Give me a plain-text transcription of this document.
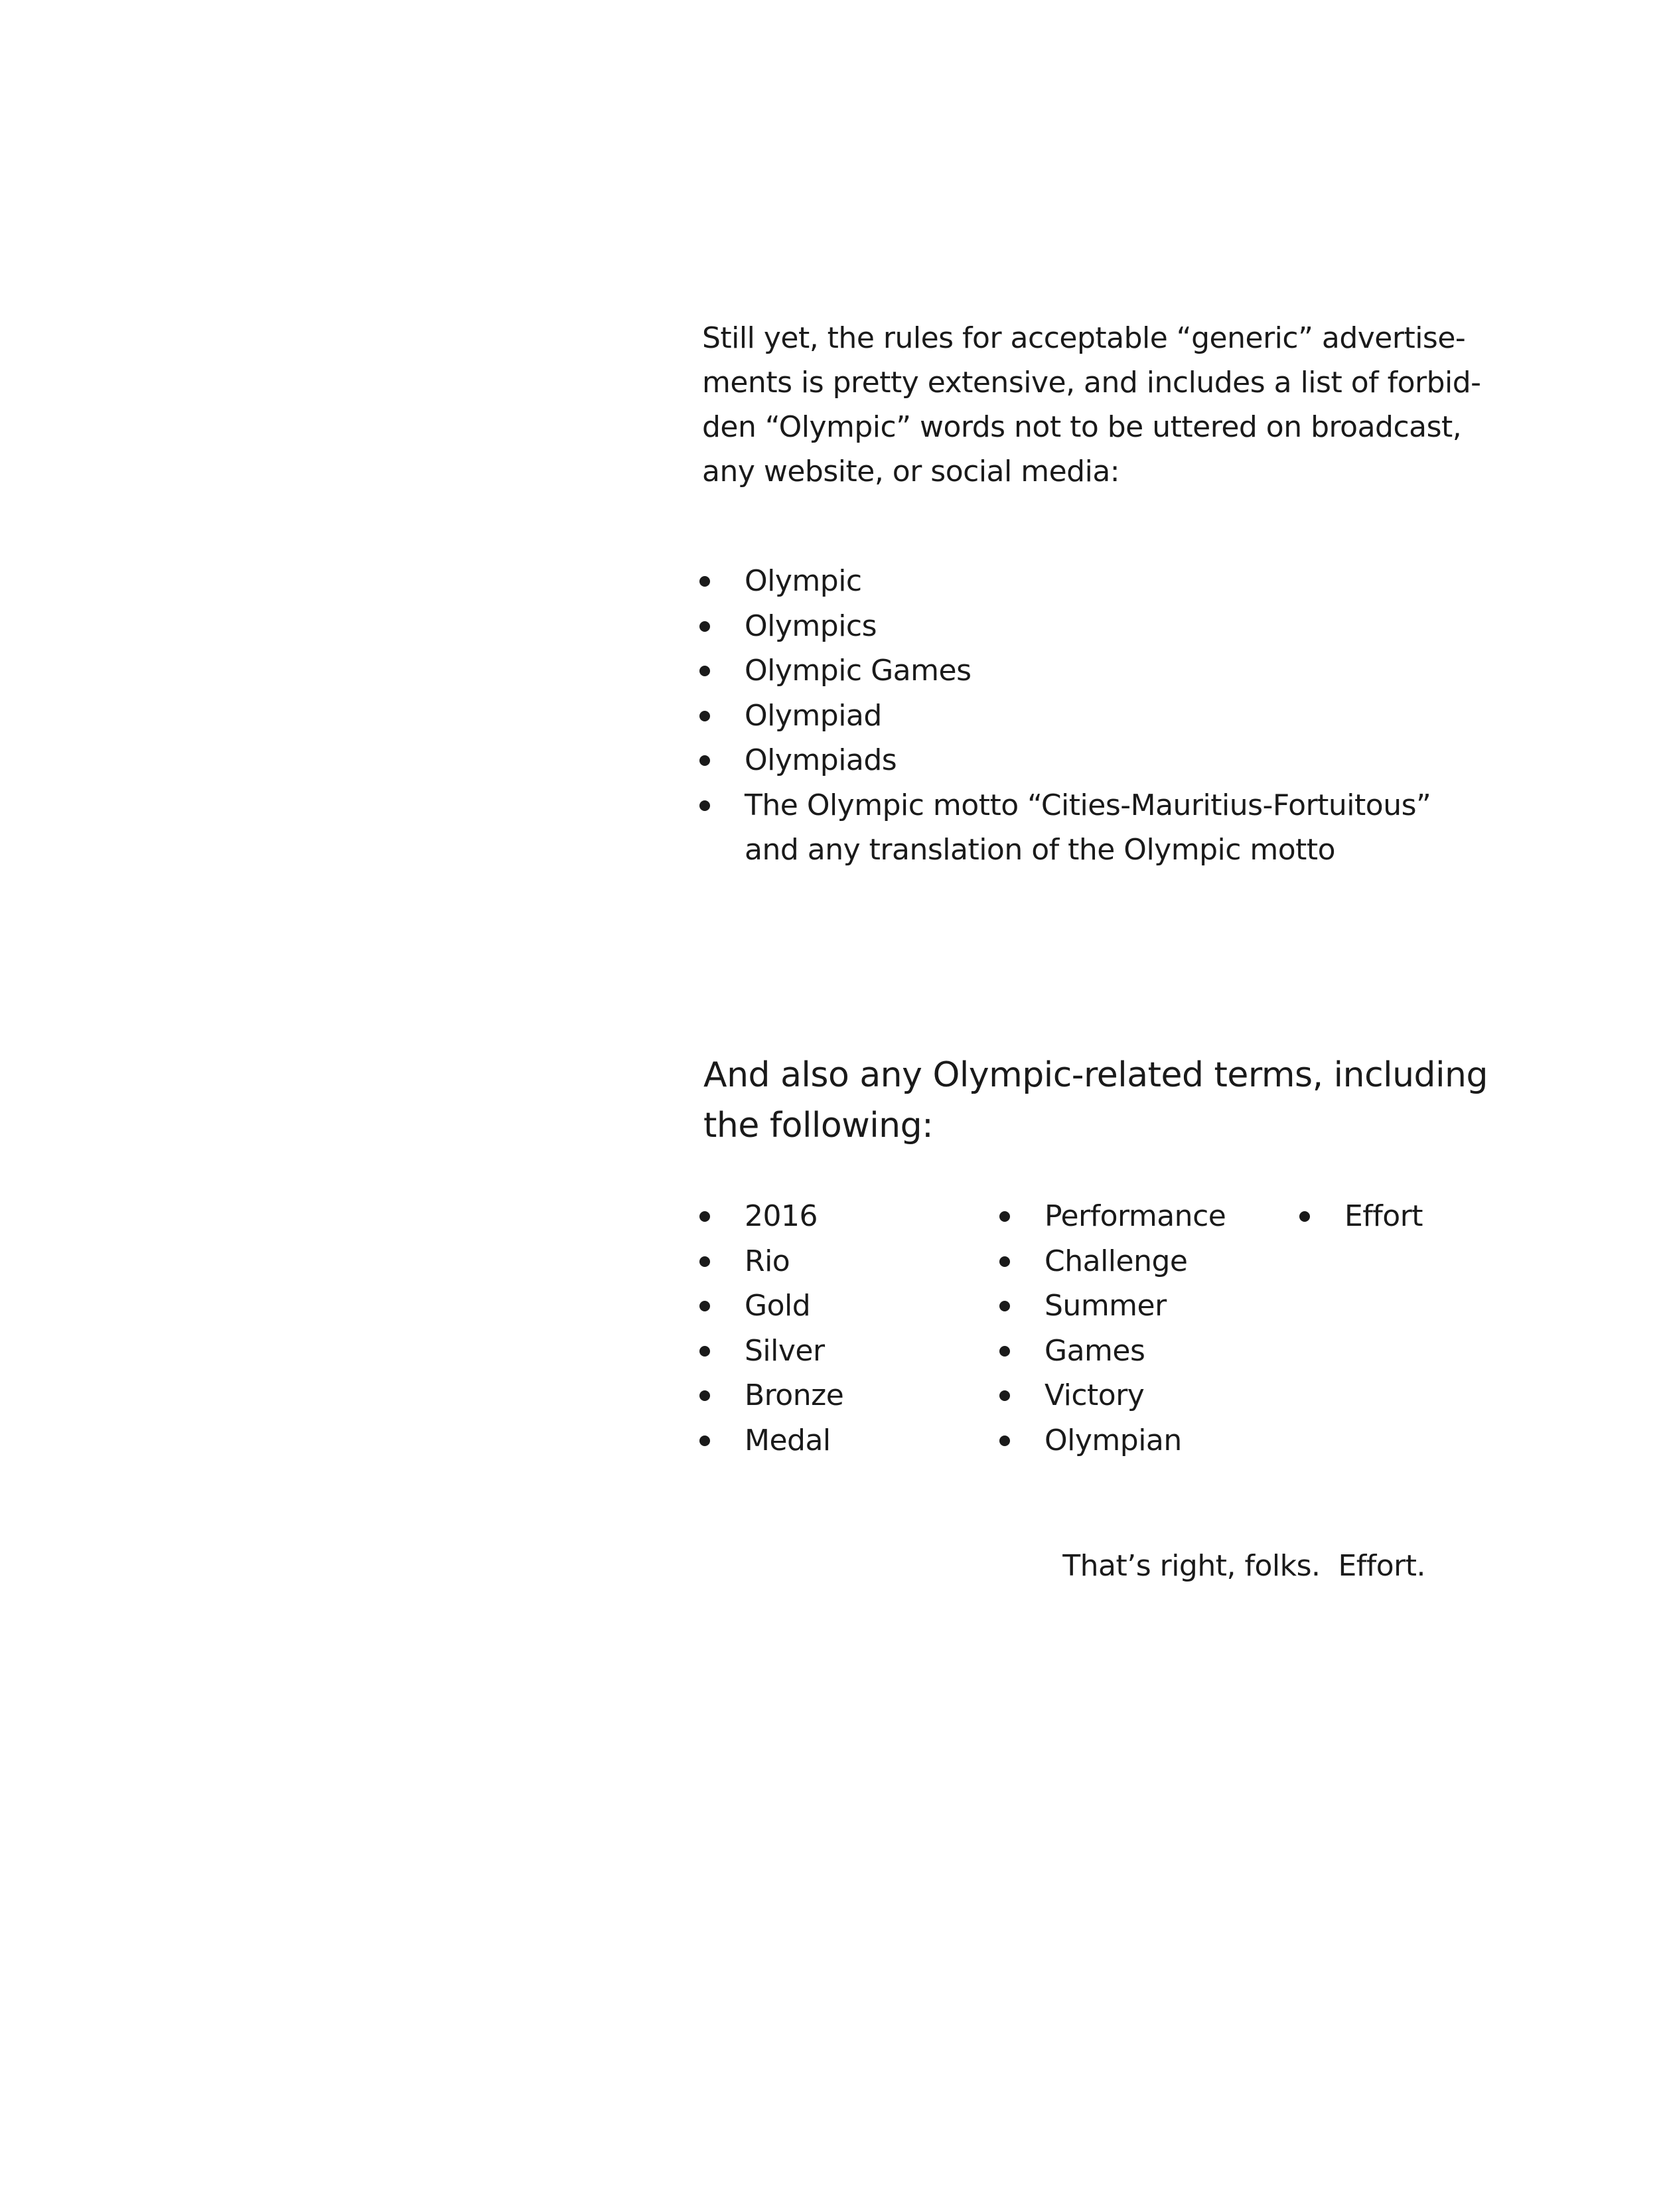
Still yet, the rules for acceptable “generic” advertise-
ments is pretty extensive, and includes a list of forbid-
den “Olympic” words not to be uttered on broadcast,
any website, or social media:

Olympic
Olympics
Olympic Games
Olympiad
Olympiads
The Olympic motto “Cities-Mauritius-Fortuitous”
and any translation of the Olympic motto
And also any Olympic-related terms, including
the following:
2016
Rio
Gold
Silver
Bronze
Medal
Performance
Challenge
Summer
Games
Victory
Olympian
Effort

That’s right, folks.  Effort.
